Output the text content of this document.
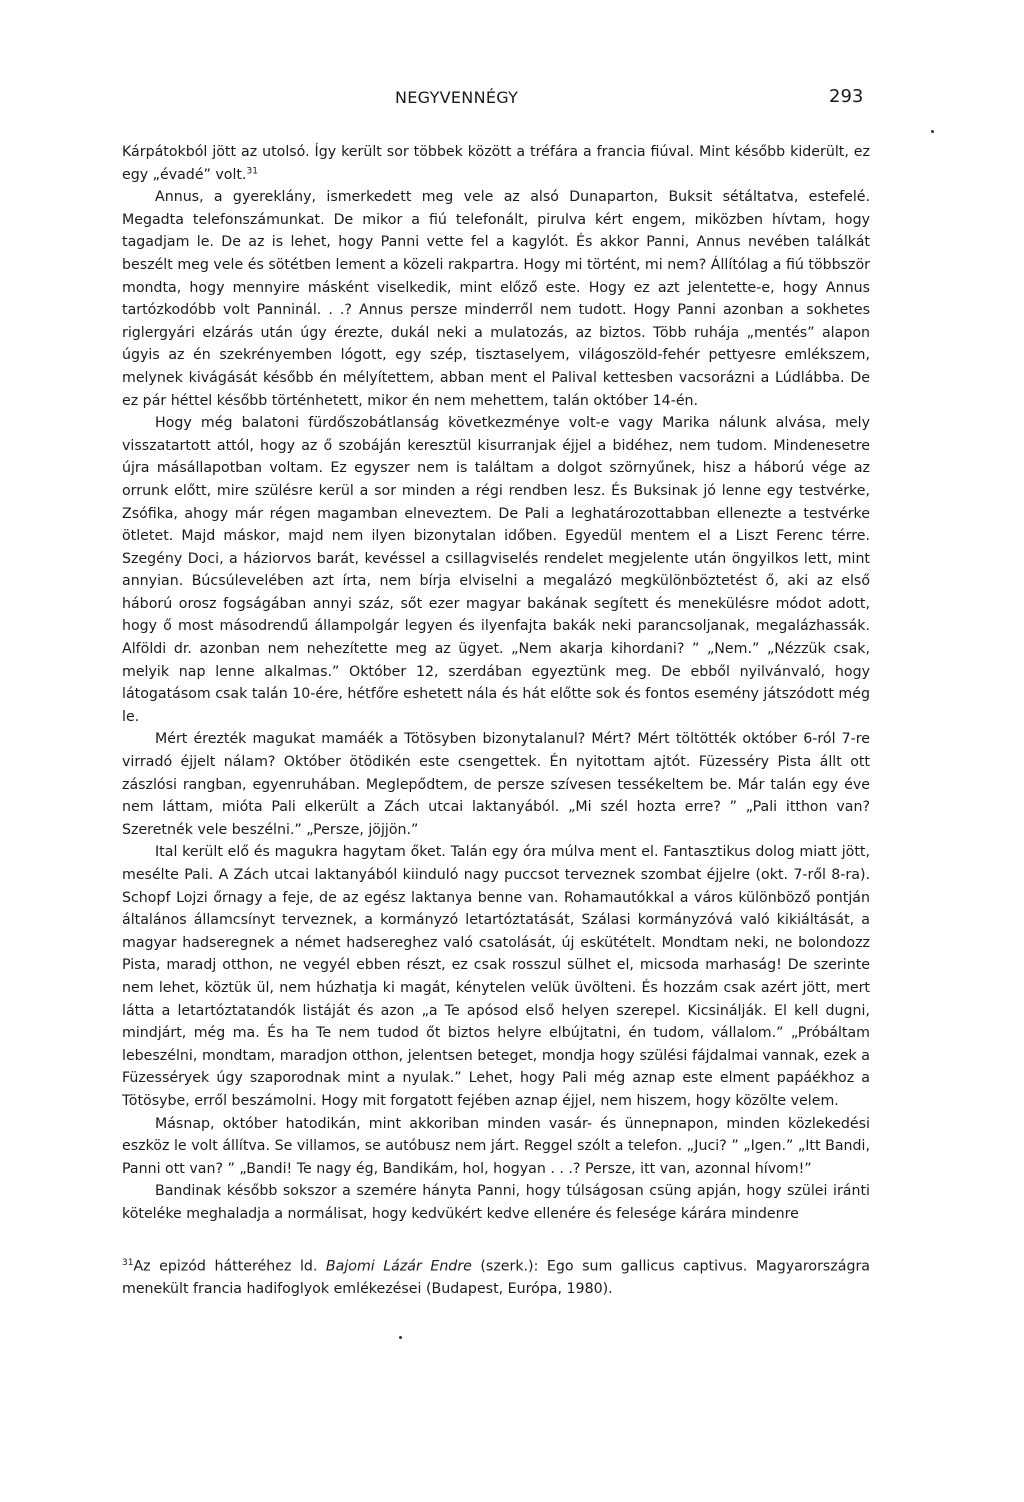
NEGYVENNÉGY	293

Kárpátokból jött az utolsó. Így került sor többek között a tréfára a francia fiúval. Mint később kiderült, ez egy „évadé” volt.$^{31}$

Annus, a gyereklány, ismerkedett meg vele az alsó Dunaparton, Buksit sétáltatva, estefelé. Megadta telefonszámunkat. De mikor a fiú telefonált, pirulva kért engem, miközben hívtam, hogy tagadjam le. De az is lehet, hogy Panni vette fel a kagylót. És akkor Panni, Annus nevében találkát beszélt meg vele és sötétben lement a közeli rakpartra. Hogy mi történt, mi nem? Állítólag a fiú többször mondta, hogy mennyire másként viselkedik, mint előző este. Hogy ez azt jelentette-e, hogy Annus tartózkodóbb volt Panninál. . .? Annus persze minderről nem tudott. Hogy Panni azonban a sokhetes riglergyári elzárás után úgy érezte, dukál neki a mulatozás, az biztos. Több ruhája „mentés” alapon úgyis az én szekrényemben lógott, egy szép, tisztaselyem, világoszöld-fehér pettyesre emlékszem, melynek kivágását később én mélyítettem, abban ment el Palival kettesben vacsorázni a Lúdlábba. De ez pár héttel később történhetett, mikor én nem mehettem, talán október 14-én.

Hogy még balatoni fürdőszobátlanság következménye volt-e vagy Marika nálunk alvása, mely visszatartott attól, hogy az ő szobáján keresztül kisurranjak éjjel a bidéhez, nem tudom. Mindenesetre újra másállapotban voltam. Ez egyszer nem is találtam a dolgot szörnyűnek, hisz a háború vége az orrunk előtt, mire szülésre kerül a sor minden a régi rendben lesz. És Buksinak jó lenne egy testvérke, Zsófika, ahogy már régen magamban elneveztem. De Pali a leghatározottabban ellenezte a testvérke ötletet. Majd máskor, majd nem ilyen bizonytalan időben. Egyedül mentem el a Liszt Ferenc térre. Szegény Doci, a háziorvos barát, kevéssel a csillagviselés rendelet megjelente után öngyilkos lett, mint annyian. Búcsúlevelében azt írta, nem bírja elviselni a megalázó megkülönböztetést ő, aki az első háború orosz fogságában annyi száz, sőt ezer magyar bakának segített és menekülésre módot adott, hogy ő most másodrendű állampolgár legyen és ilyenfajta bakák neki parancsoljanak, megalázhassák. Alföldi dr. azonban nem nehezítette meg az ügyet. „Nem akarja kihordani? ” „Nem.” „Nézzük csak, melyik nap lenne alkalmas.” Október 12, szerdában egyeztünk meg. De ebből nyilvánvaló, hogy látogatásom csak talán 10-ére, hétfőre eshetett nála és hát előtte sok és fontos esemény játszódott még le.

Mért érezték magukat mamáék a Tötösyben bizonytalanul? Mért? Mért töltötték október 6-ról 7-re virradó éjjelt nálam? Október ötödikén este csengettek. Én nyitottam ajtót. Füzesséry Pista állt ott zászlósi rangban, egyenruhában. Meglepődtem, de persze szívesen tessékeltem be. Már talán egy éve nem láttam, mióta Pali elkerült a Zách utcai laktanyából. „Mi szél hozta erre? ” „Pali itthon van? Szeretnék vele beszélni.” „Persze, jöjjön.”

Ital került elő és magukra hagytam őket. Talán egy óra múlva ment el. Fantasztikus dolog miatt jött, mesélte Pali. A Zách utcai laktanyából kiinduló nagy puccsot terveznek szombat éjjelre (okt. 7-ről 8-ra). Schopf Lojzi őrnagy a feje, de az egész laktanya benne van. Rohamautókkal a város különböző pontján általános államcsínyt terveznek, a kormányzó letartóztatását, Szálasi kormányzóvá való kikiáltását, a magyar hadseregnek a német hadsereghez való csatolását, új eskütételt. Mondtam neki, ne bolondozz Pista, maradj otthon, ne vegyél ebben részt, ez csak rosszul sülhet el, micsoda marhaság! De szerinte nem lehet, köztük ül, nem húzhatja ki magát, kénytelen velük üvölteni. És hozzám csak azért jött, mert látta a letartóztatandók listáját és azon „a Te apósod első helyen szerepel. Kicsinálják. El kell dugni, mindjárt, még ma. És ha Te nem tudod őt biztos helyre elbújtatni, én tudom, vállalom.” „Próbáltam lebeszélni, mondtam, maradjon otthon, jelentsen beteget, mondja hogy szülési fájdalmai vannak, ezek a Füzesséryek úgy szaporodnak mint a nyulak.” Lehet, hogy Pali még aznap este elment papáékhoz a Tötösybe, erről beszámolni. Hogy mit forgatott fejében aznap éjjel, nem hiszem, hogy közölte velem.

Másnap, október hatodikán, mint akkoriban minden vasár- és ünnepnapon, minden közlekedési eszköz le volt állítva. Se villamos, se autóbusz nem járt. Reggel szólt a telefon. „Juci? ” „Igen.” „Itt Bandi, Panni ott van? ” „Bandi! Te nagy ég, Bandikám, hol, hogyan . . .? Persze, itt van, azonnal hívom!”

Bandinak később sokszor a szemére hányta Panni, hogy túlságosan csüng apján, hogy szülei iránti köteléke meghaladja a normálisat, hogy kedvükért kedve ellenére és felesége kárára mindenre

$^{31}$Az epizód hátteréhez ld. Bajomi Lázár Endre (szerk.): Ego sum gallicus captivus. Magyarországra menekült francia hadifoglyok emlékezései (Budapest, Európa, 1980).
